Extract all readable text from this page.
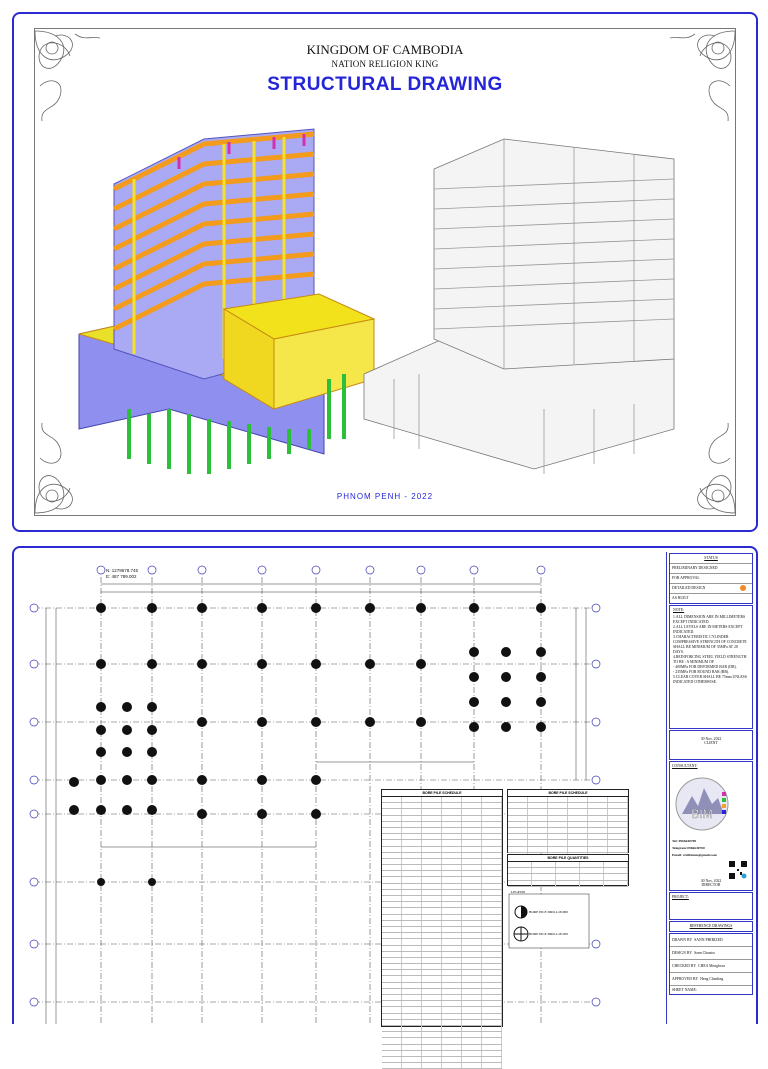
KINGDOM OF CAMBODIA
NATION RELIGION KING
STRUCTURAL DRAWING
PHNOM PENH - 2022
N: 1279678.745
E: 487 789.002
BORE PILE SCHEDULE	BORE PILE SCHEDULE
BORE PILE QUANTITIES
LEGEND
BORE PILE DRILL Ø1000
BORE PILE DRILL Ø1200
STATUS
PRELIMINARY DESIGNED
FOR APPROVAL
DETAILED DESIGN
AS BUILT
NOTE:
1.ALL DIMENSION ARE IN MILLIMETERS EXCEPT INDICATED.
2.ALL LEVELS ARE IN METERS EXCEPT INDICATED.
3.CHARACTERISTIC CYLINDER COMPRESSIVE STRENGTH OF CONCRETE SHALL BE MINIMUM OF 35MPa AT 28 DAYS.
4.REINFORCING STEEL YIELD STRENGTH TO BE : A MINIMUM OF
- 400MPa FOR DEFORMED BAR (DB).
- 235MPa FOR ROUND BAR (RB).
5.CLEAR COVER SHALL BE 75mm UNLESS INDICATED OTHERWISE.
30 Nov, 2022
CLIENT
CONSULTANT:
BIM
Tel: 0966640700
Telegram:0966640700
Email: civilbimm@gmail.com
30 Nov, 2022
DIRECTOR
PROJECT:
REFERENCE DRAWINGS
DRAWN BY SANN PHIRIZED
DESIGN BY Sann Chantra
CHECKED BY CHEA Menghour
APPROVED BY Heng Chanling
SHEET NAME:
